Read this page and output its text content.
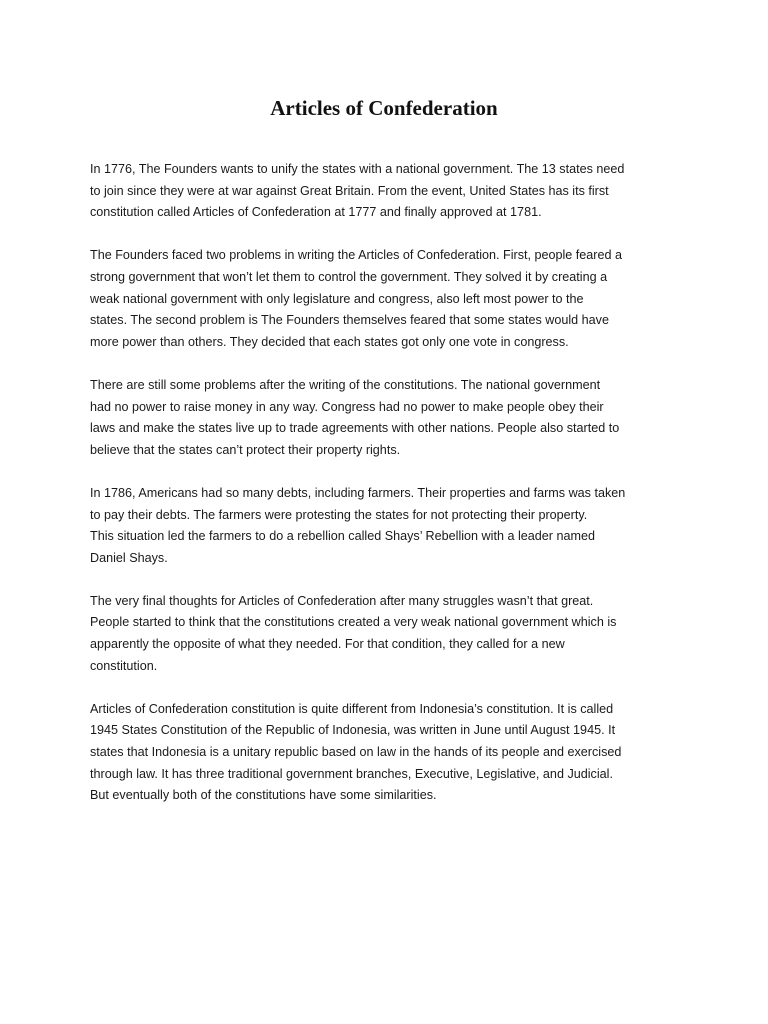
Articles of Confederation

In 1776, The Founders wants to unify the states with a national government. The 13 states need
to join since they were at war against Great Britain. From the event, United States has its first
constitution called Articles of Confederation at 1777 and finally approved at 1781.

The Founders faced two problems in writing the Articles of Confederation. First, people feared a
strong government that won’t let them to control the government. They solved it by creating a
weak national government with only legislature and congress, also left most power to the
states. The second problem is The Founders themselves feared that some states would have
more power than others. They decided that each states got only one vote in congress.

There are still some problems after the writing of the constitutions. The national government
had no power to raise money in any way. Congress had no power to make people obey their
laws and make the states live up to trade agreements with other nations. People also started to
believe that the states can’t protect their property rights.

In 1786, Americans had so many debts, including farmers. Their properties and farms was taken
to pay their debts. The farmers were protesting the states for not protecting their property.
This situation led the farmers to do a rebellion called Shays’ Rebellion with a leader named
Daniel Shays.

The very final thoughts for Articles of Confederation after many struggles wasn’t that great.
People started to think that the constitutions created a very weak national government which is
apparently the opposite of what they needed. For that condition, they called for a new
constitution.

Articles of Confederation constitution is quite different from Indonesia’s constitution. It is called
1945 States Constitution of the Republic of Indonesia, was written in June until August 1945. It
states that Indonesia is a unitary republic based on law in the hands of its people and exercised
through law. It has three traditional government branches, Executive, Legislative, and Judicial.
But eventually both of the constitutions have some similarities.
